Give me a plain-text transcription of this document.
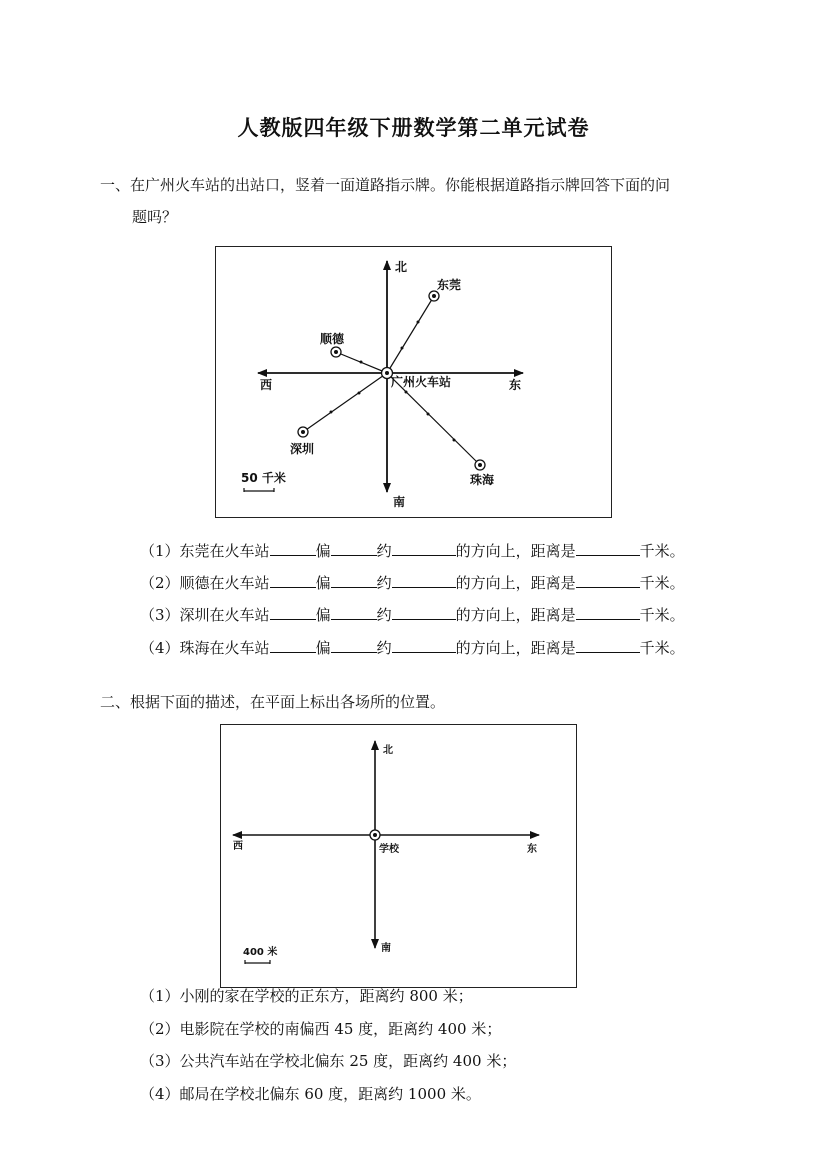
人教版四年级下册数学第二单元试卷
一、在广州火车站的出站口，竖着一面道路指示牌。你能根据道路指示牌回答下面的问
题吗？
北
南
东
西	广州火车站
东莞
顺德
深圳
珠海
50 千米
（1）东莞在火车站	偏	约	的方向上，距离是	千米。
（2）顺德在火车站	偏	约	的方向上，距离是	千米。
（3）深圳在火车站	偏	约	的方向上，距离是	千米。
（4）珠海在火车站	偏	约	的方向上，距离是	千米。
二、根据下面的描述，在平面上标出各场所的位置。
北
南
东
西	学校
400 米
（1）小刚的家在学校的正东方，距离约 800 米；
（2）电影院在学校的南偏西 45 度，距离约 400 米；
（3）公共汽车站在学校北偏东 25 度，距离约 400 米；
（4）邮局在学校北偏东 60 度，距离约 1000 米。
